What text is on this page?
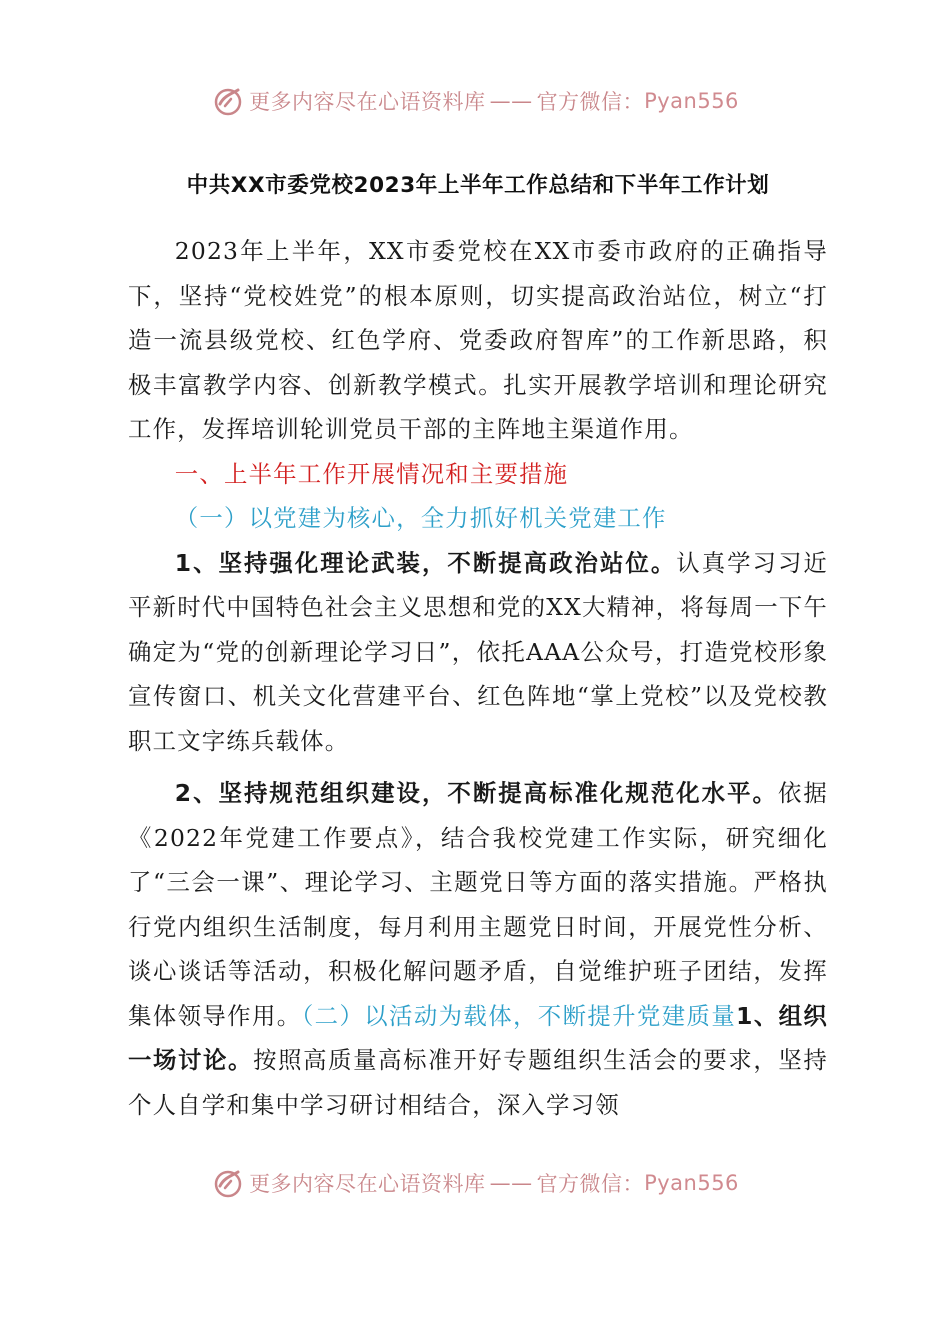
更多内容尽在心语资料库 —— 官方微信： Pyan556
中共XX市委党校2023年上半年工作总结和下半年工作计划

2023年上半年，XX市委党校在XX市委市政府的正确指导下，坚持“党校姓党”的根本原则，切实提高政治站位，树立“打造一流县级党校、红色学府、党委政府智库”的工作新思路，积极丰富教学内容、创新教学模式。扎实开展教学培训和理论研究工作，发挥培训轮训党员干部的主阵地主渠道作用。

一、上半年工作开展情况和主要措施

（一）以党建为核心，全力抓好机关党建工作

1、坚持强化理论武装，不断提高政治站位。认真学习习近平新时代中国特色社会主义思想和党的XX大精神，将每周一下午确定为“党的创新理论学习日”，依托AAA公众号，打造党校形象宣传窗口、机关文化营建平台、红色阵地“掌上党校”以及党校教职工文字练兵载体。

2、坚持规范组织建设，不断提高标准化规范化水平。依据《2022年党建工作要点》，结合我校党建工作实际，研究细化了“三会一课”、理论学习、主题党日等方面的落实措施。严格执行党内组织生活制度，每月利用主题党日时间，开展党性分析、谈心谈话等活动，积极化解问题矛盾，自觉维护班子团结，发挥集体领导作用。（二）以活动为载体，不断提升党建质量1、组织一场讨论。按照高质量高标准开好专题组织生活会的要求，坚持个人自学和集中学习研讨相结合，深入学习领

更多内容尽在心语资料库 —— 官方微信： Pyan556
